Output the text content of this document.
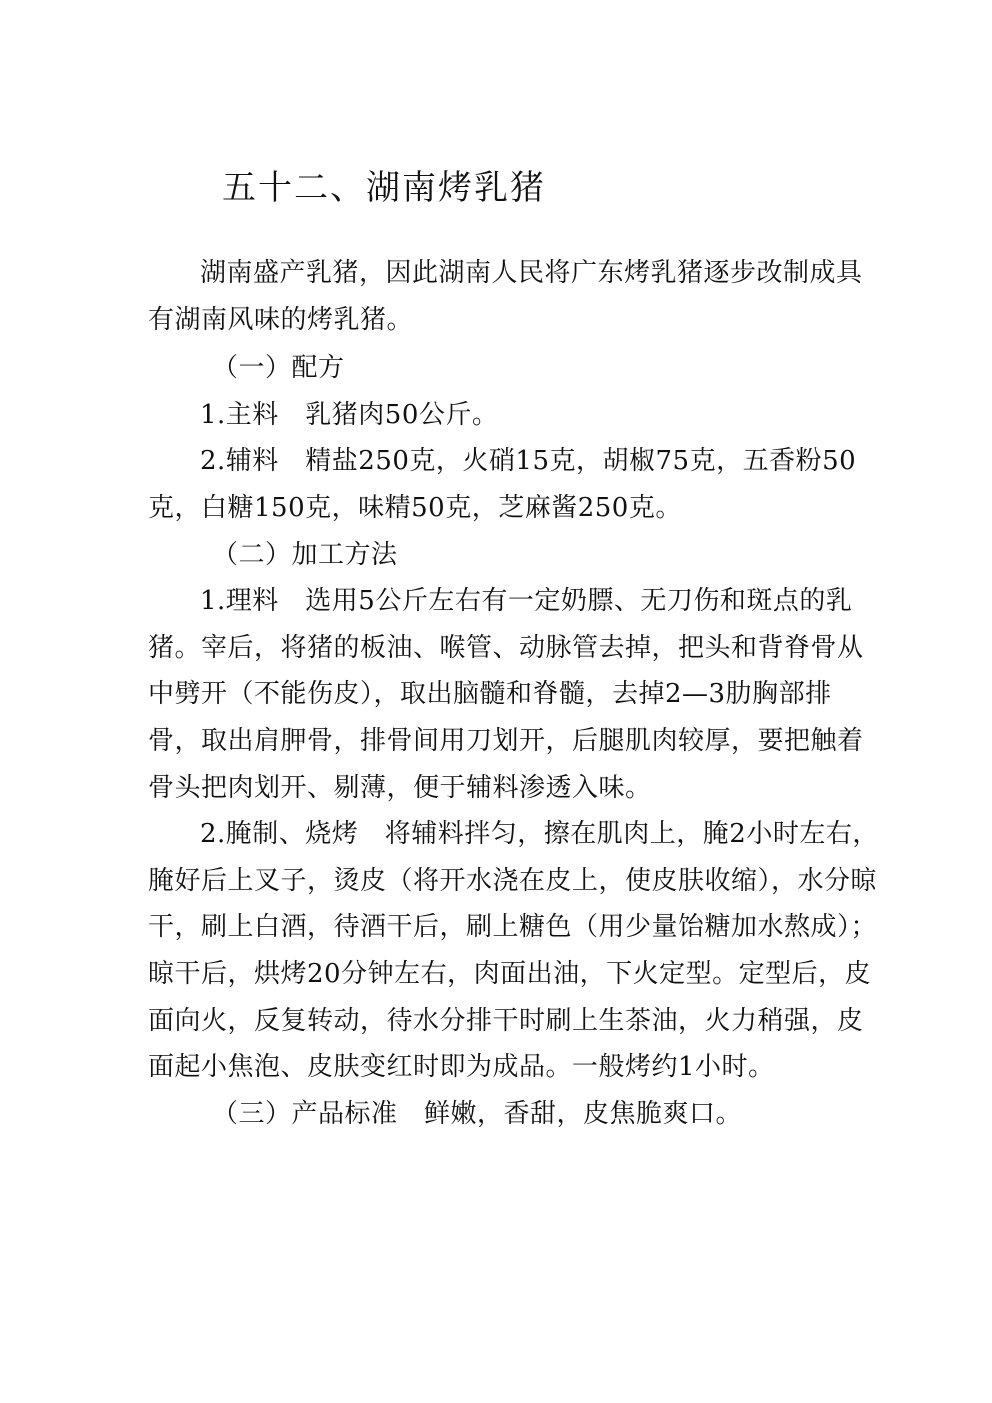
五十二、湖南烤乳猪

湖南盛产乳猪，因此湖南人民将广东烤乳猪逐步改制成具有湖南风味的烤乳猪。

（一）配方

1.主料　乳猪肉50公斤。

2.辅料　精盐250克，火硝15克，胡椒75克，五香粉50克，白糖150克，味精50克，芝麻酱250克。

（二）加工方法

1.理料　选用5公斤左右有一定奶膘、无刀伤和斑点的乳猪。宰后，将猪的板油、喉管、动脉管去掉，把头和背脊骨从中劈开（不能伤皮），取出脑髓和脊髓，去掉2—3肋胸部排骨，取出肩胛骨，排骨间用刀划开，后腿肌肉较厚，要把触着骨头把肉划开、剔薄，便于辅料渗透入味。

2.腌制、烧烤　将辅料拌匀，擦在肌肉上，腌2小时左右，腌好后上叉子，烫皮（将开水浇在皮上，使皮肤收缩），水分晾干，刷上白酒，待酒干后，刷上糖色（用少量饴糖加水熬成）；晾干后，烘烤20分钟左右，肉面出油，下火定型。定型后，皮面向火，反复转动，待水分排干时刷上生茶油，火力稍强，皮面起小焦泡、皮肤变红时即为成品。一般烤约1小时。

（三）产品标准　鲜嫩，香甜，皮焦脆爽口。
